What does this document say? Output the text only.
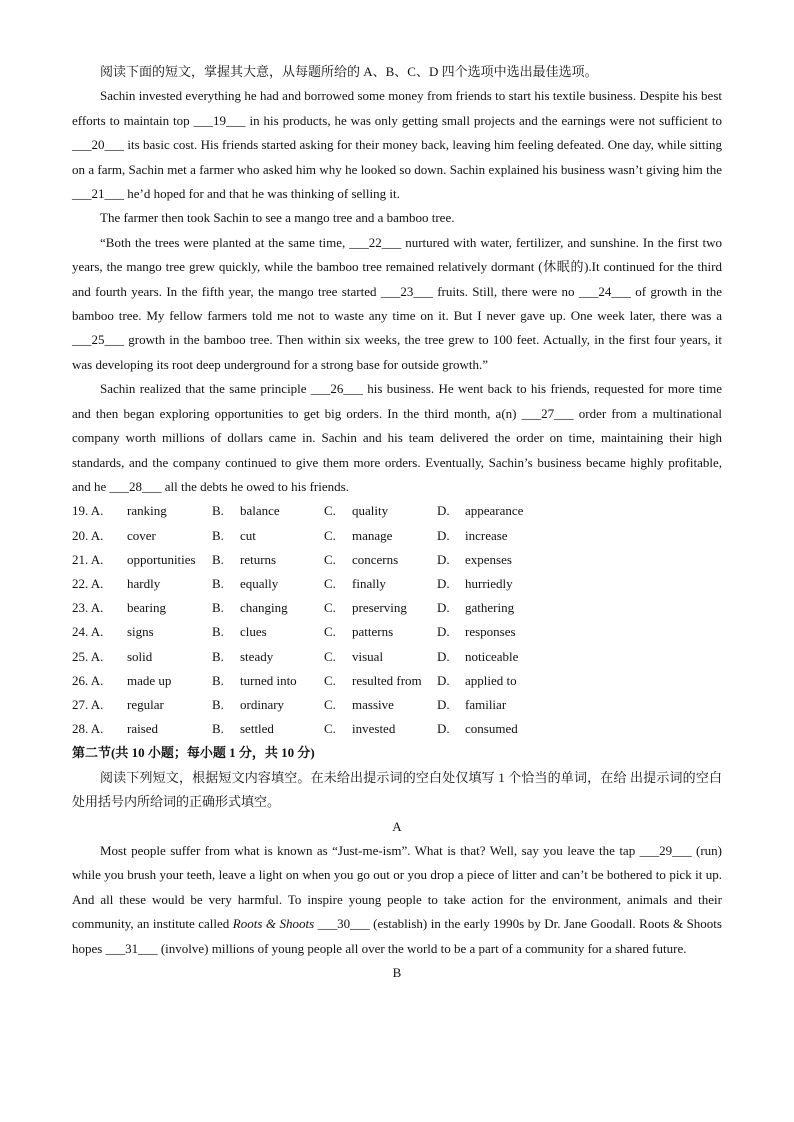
阅读下面的短文，掌握其大意，从每题所给的 A、B、C、D 四个选项中选出最佳选项。

Sachin invested everything he had and borrowed some money from friends to start his textile business. Despite his best efforts to maintain top ___19___ in his products, he was only getting small projects and the earnings were not sufficient to ___20___ its basic cost. His friends started asking for their money back, leaving him feeling defeated. One day, while sitting on a farm, Sachin met a farmer who asked him why he looked so down. Sachin explained his business wasn’t giving him the ___21___ he’d hoped for and that he was thinking of selling it.

The farmer then took Sachin to see a mango tree and a bamboo tree.

“Both the trees were planted at the same time, ___22___ nurtured with water, fertilizer, and sunshine. In the first two years, the mango tree grew quickly, while the bamboo tree remained relatively dormant (休眠的).It continued for the third and fourth years. In the fifth year, the mango tree started ___23___ fruits. Still, there were no ___24___ of growth in the bamboo tree. My fellow farmers told me not to waste any time on it. But I never gave up. One week later, there was a ___25___ growth in the bamboo tree. Then within six weeks, the tree grew to 100 feet. Actually, in the first four years, it was developing its root deep underground for a strong base for outside growth.”

Sachin realized that the same principle ___26___ his business. He went back to his friends, requested for more time and then began exploring opportunities to get big orders. In the third month, a(n) ___27___ order from a multinational company worth millions of dollars came in. Sachin and his team delivered the order on time, maintaining their high standards, and the company continued to give them more orders. Eventually, Sachin’s business became highly profitable, and he ___28___ all the debts he owed to his friends.

19. A.	ranking	B.	balance	C.	quality	D.	appearance
20. A.	cover	B.	cut	C.	manage	D.	increase
21. A.	opportunities	B.	returns	C.	concerns	D.	expenses
22. A.	hardly	B.	equally	C.	finally	D.	hurriedly
23. A.	bearing	B.	changing	C.	preserving	D.	gathering
24. A.	signs	B.	clues	C.	patterns	D.	responses
25. A.	solid	B.	steady	C.	visual	D.	noticeable
26. A.	made up	B.	turned into	C.	resulted from	D.	applied to
27. A.	regular	B.	ordinary	C.	massive	D.	familiar
28. A.	raised	B.	settled	C.	invested	D.	consumed

第二节(共 10 小题；每小题 1 分，共 10 分)

阅读下列短文，根据短文内容填空。在未给出提示词的空白处仅填写 1 个恰当的单词，在给 出提示词的空白处用括号内所给词的正确形式填空。

A

Most people suffer from what is known as “Just-me-ism”. What is that? Well, say you leave the tap ___29___ (run) while you brush your teeth, leave a light on when you go out or you drop a piece of litter and can’t be bothered to pick it up. And all these would be very harmful. To inspire young people to take action for the environment, animals and their community, an institute called Roots & Shoots ___30___ (establish) in the early 1990s by Dr. Jane Goodall. Roots & Shoots hopes ___31___ (involve) millions of young people all over the world to be a part of a community for a shared future.

B
